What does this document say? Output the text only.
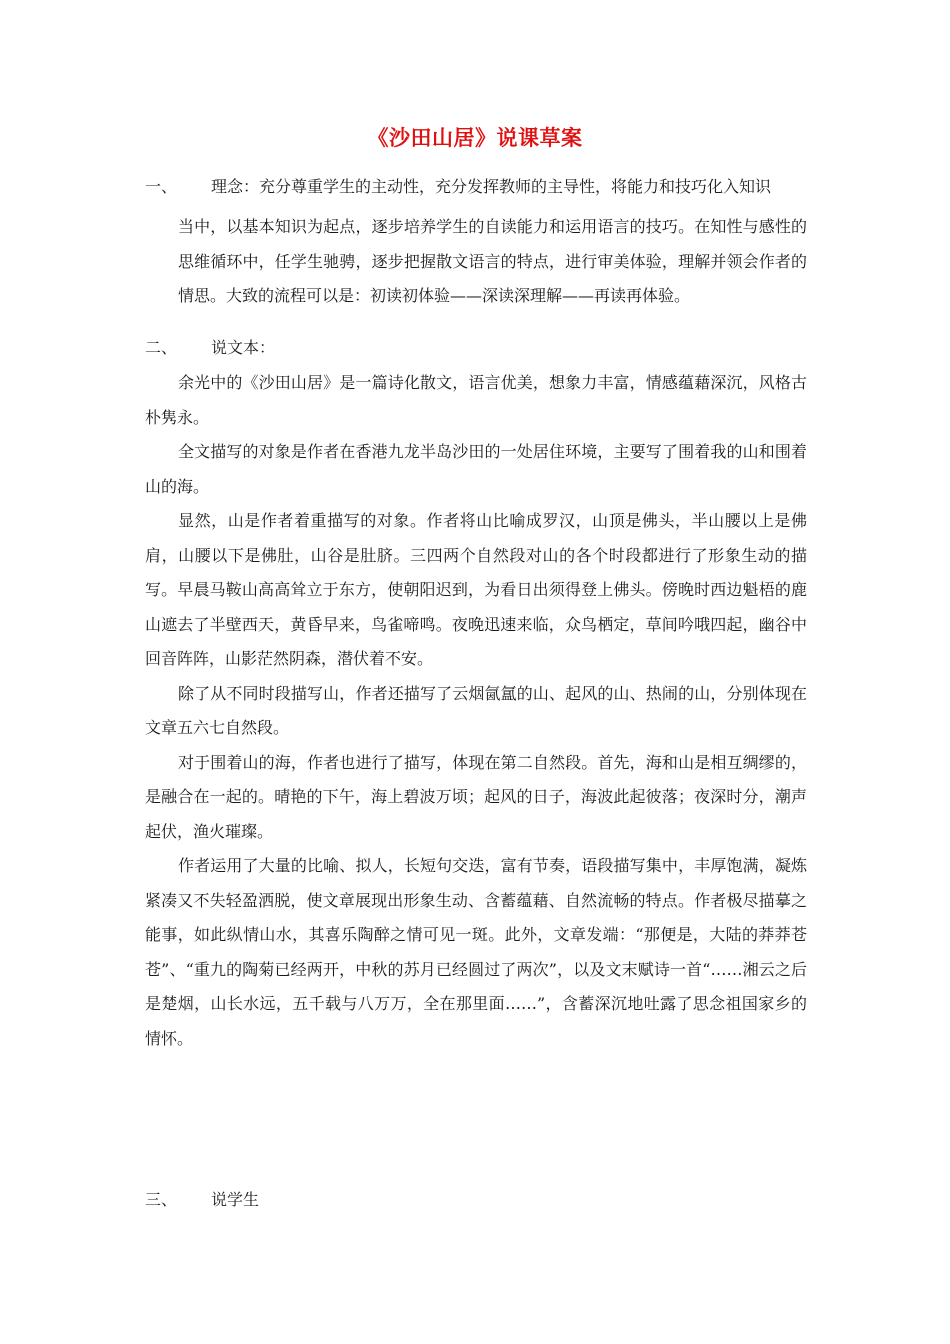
《沙田山居》说课草案
一、 理念：充分尊重学生的主动性，充分发挥教师的主导性，将能力和技巧化入知识

当中，以基本知识为起点，逐步培养学生的自读能力和运用语言的技巧。在知性与感性的思维循环中，任学生驰骋，逐步把握散文语言的特点，进行审美体验，理解并领会作者的情思。大致的流程可以是：初读初体验——深读深理解——再读再体验。

二、 说文本：

余光中的《沙田山居》是一篇诗化散文，语言优美，想象力丰富，情感蕴藉深沉，风格古朴隽永。

全文描写的对象是作者在香港九龙半岛沙田的一处居住环境，主要写了围着我的山和围着山的海。

显然，山是作者着重描写的对象。作者将山比喻成罗汉，山顶是佛头，半山腰以上是佛肩，山腰以下是佛肚，山谷是肚脐。三四两个自然段对山的各个时段都进行了形象生动的描写。早晨马鞍山高高耸立于东方，使朝阳迟到，为看日出须得登上佛头。傍晚时西边魁梧的鹿山遮去了半壁西天，黄昏早来，鸟雀啼鸣。夜晚迅速来临，众鸟栖定，草间吟哦四起，幽谷中回音阵阵，山影茫然阴森，潜伏着不安。

除了从不同时段描写山，作者还描写了云烟氤氲的山、起风的山、热闹的山，分别体现在文章五六七自然段。

对于围着山的海，作者也进行了描写，体现在第二自然段。首先，海和山是相互绸缪的，是融合在一起的。晴艳的下午，海上碧波万顷；起风的日子，海波此起彼落；夜深时分，潮声起伏，渔火璀璨。

作者运用了大量的比喻、拟人，长短句交迭，富有节奏，语段描写集中，丰厚饱满，凝炼紧凑又不失轻盈洒脱，使文章展现出形象生动、含蓄蕴藉、自然流畅的特点。作者极尽描摹之能事，如此纵情山水，其喜乐陶醉之情可见一斑。此外，文章发端：“那便是，大陆的莽莽苍苍”、“重九的陶菊已经两开，中秋的苏月已经圆过了两次”，以及文末赋诗一首“……湘云之后是楚烟，山长水远，五千载与八万万，全在那里面……”，含蓄深沉地吐露了思念祖国家乡的情怀。

三、 说学生
